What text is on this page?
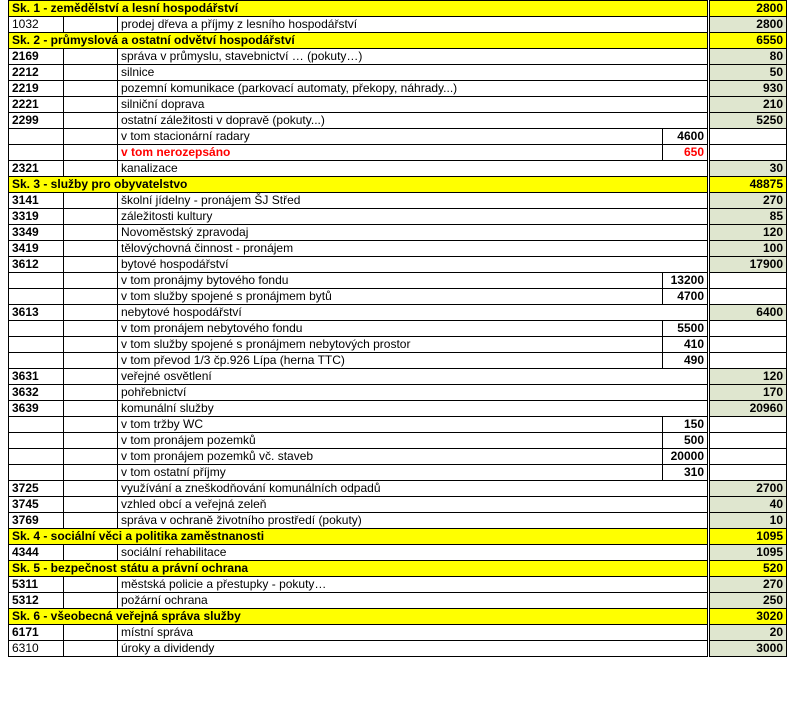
Sk. 1 - zemědělství a lesní hospodářství					2800
1032		prodej dřeva a příjmy z lesního hospodářství			2800
Sk. 2 - průmyslová a ostatní odvětví hospodářství					6550
2169		správa v průmyslu, stavebnictví … (pokuty…)			80
2212		silnice			50
2219		pozemní komunikace (parkovací automaty, překopy, náhrady...)			930
2221		silniční doprava			210
2299		ostatní záležitosti v dopravě (pokuty...)			5250
		v tom stacionární radary	4600		
		v tom nerozepsáno	650		
2321		kanalizace			30
Sk. 3 - služby pro obyvatelstvo					48875
3141		školní jídelny - pronájem ŠJ Střed			270
3319		záležitosti kultury			85
3349		Novoměstský zpravodaj			120
3419		tělovýchovná činnost - pronájem			100
3612		bytové hospodářství			17900
		v tom pronájmy bytového fondu	13200		
		v tom služby spojené s pronájmem bytů	4700		
3613		nebytové hospodářství			6400
		v tom pronájem nebytového fondu	5500		
		v tom služby spojené s pronájmem nebytových prostor	410		
		v tom převod 1/3 čp.926 Lípa (herna TTC)	490		
3631		veřejné osvětlení			120
3632		pohřebnictví			170
3639		komunální služby			20960
		v tom tržby WC	150		
		v tom pronájem pozemků	500		
		v tom pronájem pozemků vč. staveb	20000		
		v tom ostatní příjmy	310		
3725		využívání a zneškodňování komunálních odpadů			2700
3745		vzhled obcí a veřejná zeleň			40
3769		správa v ochraně životního prostředí (pokuty)			10
Sk. 4 - sociální věci a politika zaměstnanosti					1095
4344		sociální rehabilitace			1095
Sk. 5 - bezpečnost státu a právní ochrana					520
5311		městská policie a přestupky - pokuty…			270
5312		požární ochrana			250
Sk. 6 - všeobecná veřejná správa služby					3020
6171		místní správa			20
6310		úroky a dividendy			3000
